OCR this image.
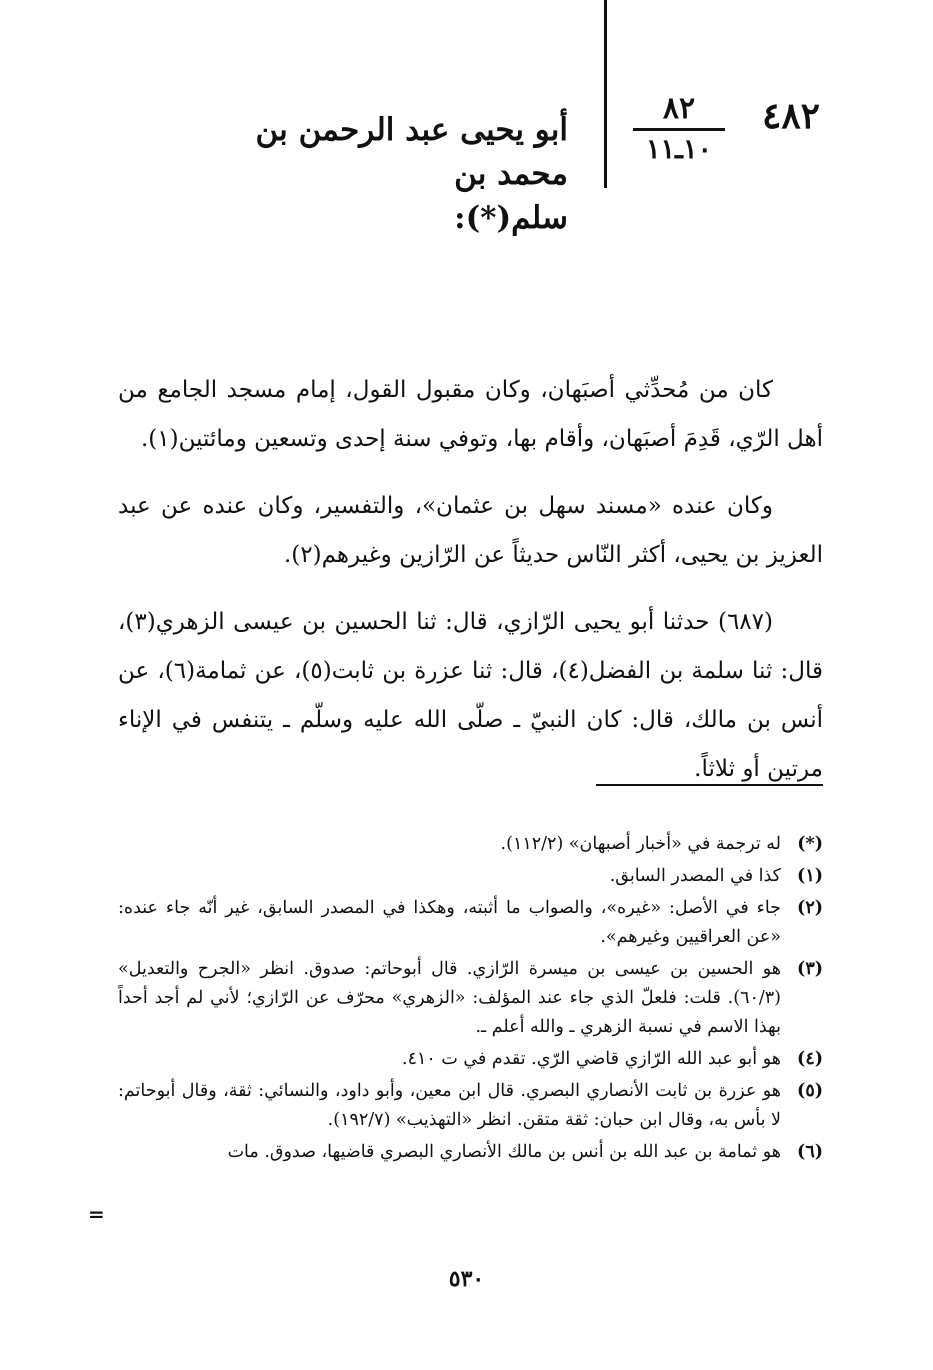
٤٨٢
٨٢
١٠ـ١١
أبو يحيى عبد الرحمن بن محمد بن
سلم(*):

كان من مُحدِّثي أصبَهان، وكان مقبول القول، إمام مسجد الجامع من أهل الرّي، قَدِمَ أصبَهان، وأقام بها، وتوفي سنة إحدى وتسعين ومائتين(١).

وكان عنده «مسند سهل بن عثمان»، والتفسير، وكان عنده عن عبد العزيز بن يحيى، أكثر النّاس حديثاً عن الرّازين وغيرهم(٢).

(٦٨٧) حدثنا أبو يحيى الرّازي، قال: ثنا الحسين بن عيسى الزهري(٣)، قال: ثنا سلمة بن الفضل(٤)، قال: ثنا عزرة بن ثابت(٥)، عن ثمامة(٦)، عن أنس بن مالك، قال: كان النبيّ ـ صلّى الله عليه وسلّم ـ يتنفس في الإناء مرتين أو ثلاثاً.

(*)
له ترجمة في «أخبار أصبهان» (١١٢/٢).
(١)
كذا في المصدر السابق.
(٢)
جاء في الأصل: «غيره»، والصواب ما أثبته، وهكذا في المصدر السابق، غير أنّه جاء عنده: «عن العراقيين وغيرهم».
(٣)
هو الحسين بن عيسى بن ميسرة الرّازي. قال أبوحاتم: صدوق. انظر «الجرح والتعديل» (٦٠/٣). قلت: فلعلّ الذي جاء عند المؤلف: «الزهري» محرّف عن الرّازي؛ لأني لم أجد أحداً بهذا الاسم في نسبة الزهري ـ والله أعلم ـ.
(٤)
هو أبو عبد الله الرّازي قاضي الرّي. تقدم في ت ٤١٠.
(٥)
هو عزرة بن ثابت الأنصاري البصري. قال ابن معين، وأبو داود، والنسائي: ثقة، وقال أبوحاتم: لا بأس به، وقال ابن حبان: ثقة متقن. انظر «التهذيب» (١٩٢/٧).
(٦)
هو ثمامة بن عبد الله بن أنس بن مالك الأنصاري البصري قاضيها، صدوق. مات
=
٥٣٠
